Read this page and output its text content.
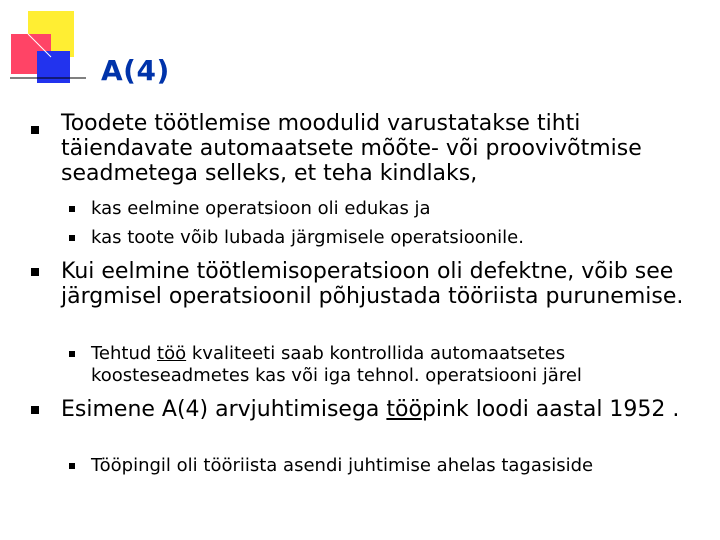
A(4)
Toodete töötlemise moodulid varustatakse tihti täiendavate automaatsete mõõte- või proovivõtmise seadmetega selleks, et teha kindlaks,
kas eelmine operatsioon oli edukas ja
kas toote võib lubada järgmisele operatsioonile.
Kui eelmine töötlemisoperatsioon oli defektne, võib see järgmisel operatsioonil põhjustada tööriista purunemise.
Tehtud töö kvaliteeti saab kontrollida automaatsetes koosteseadmetes kas või iga tehnol. operatsiooni järel
Esimene A(4) arvjuhtimisega tööpink loodi aastal 1952 .
Tööpingil oli tööriista asendi juhtimise ahelas tagasiside
